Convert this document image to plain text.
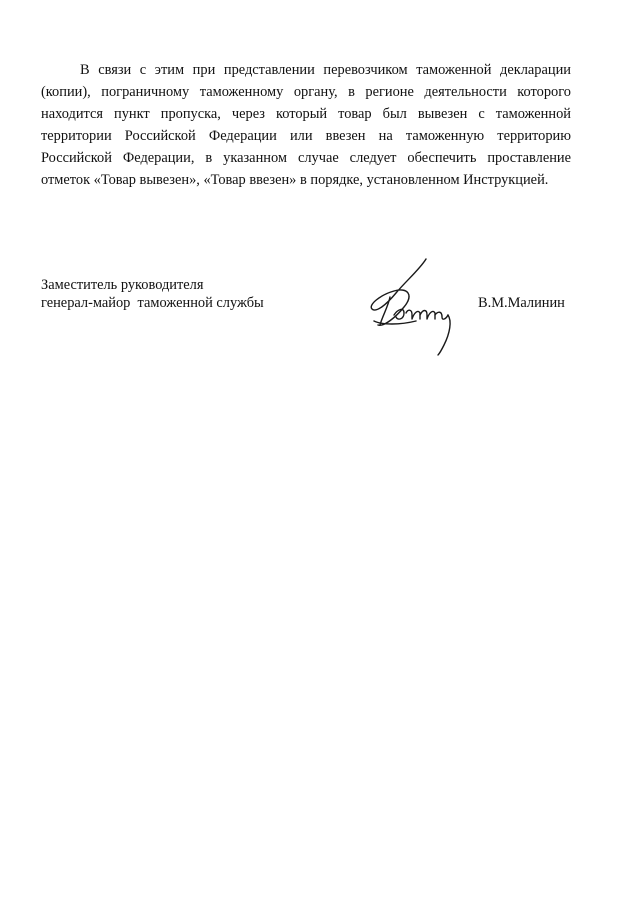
В связи с этим при представлении перевозчиком таможенной декларации (копии), пограничному таможенному органу, в регионе деятельности которого находится пункт пропуска, через который товар был вывезен с таможенной территории Российской Федерации или ввезен на таможенную территорию Российской Федерации, в указанном случае следует обеспечить проставление отметок «Товар вывезен», «Товар ввезен» в порядке, установленном Инструкцией.

Заместитель руководителя
генерал-майор  таможенной службы	В.М.Малинин
